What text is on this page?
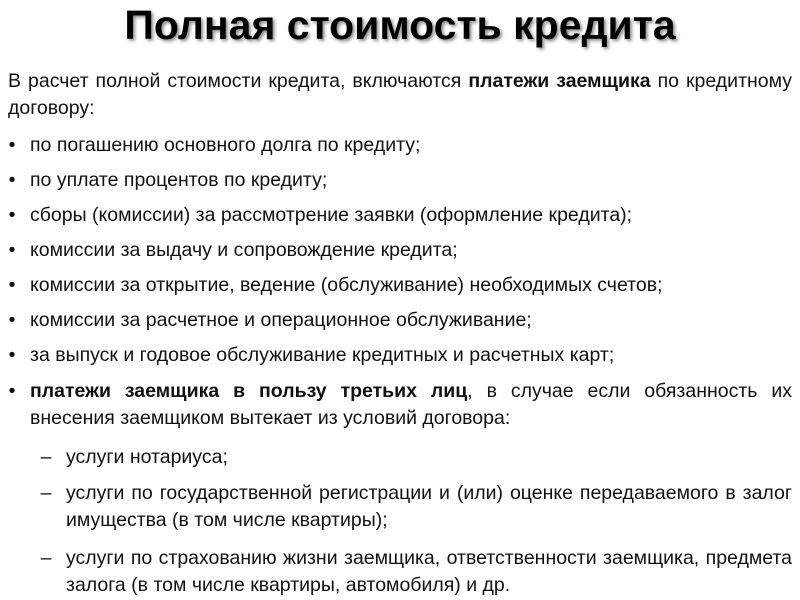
Полная стоимость кредита
В расчет полной стоимости кредита, включаются платежи заемщика по кредитному договору:
• по погашению основного долга по кредиту;
• по уплате процентов по кредиту;
• сборы (комиссии) за рассмотрение заявки (оформление кредита);
• комиссии за выдачу и сопровождение кредита;
• комиссии за открытие, ведение (обслуживание) необходимых счетов;
• комиссии за расчетное и операционное обслуживание;
• за выпуск и годовое обслуживание кредитных и расчетных карт;
• платежи заемщика в пользу третьих лиц, в случае если обязанность их внесения заемщиком вытекает из условий договора:
– услуги нотариуса;
– услуги по государственной регистрации и (или) оценке передаваемого в залог имущества (в том числе квартиры);
– услуги по страхованию жизни заемщика, ответственности заемщика, предмета залога (в том числе квартиры, автомобиля) и др.
